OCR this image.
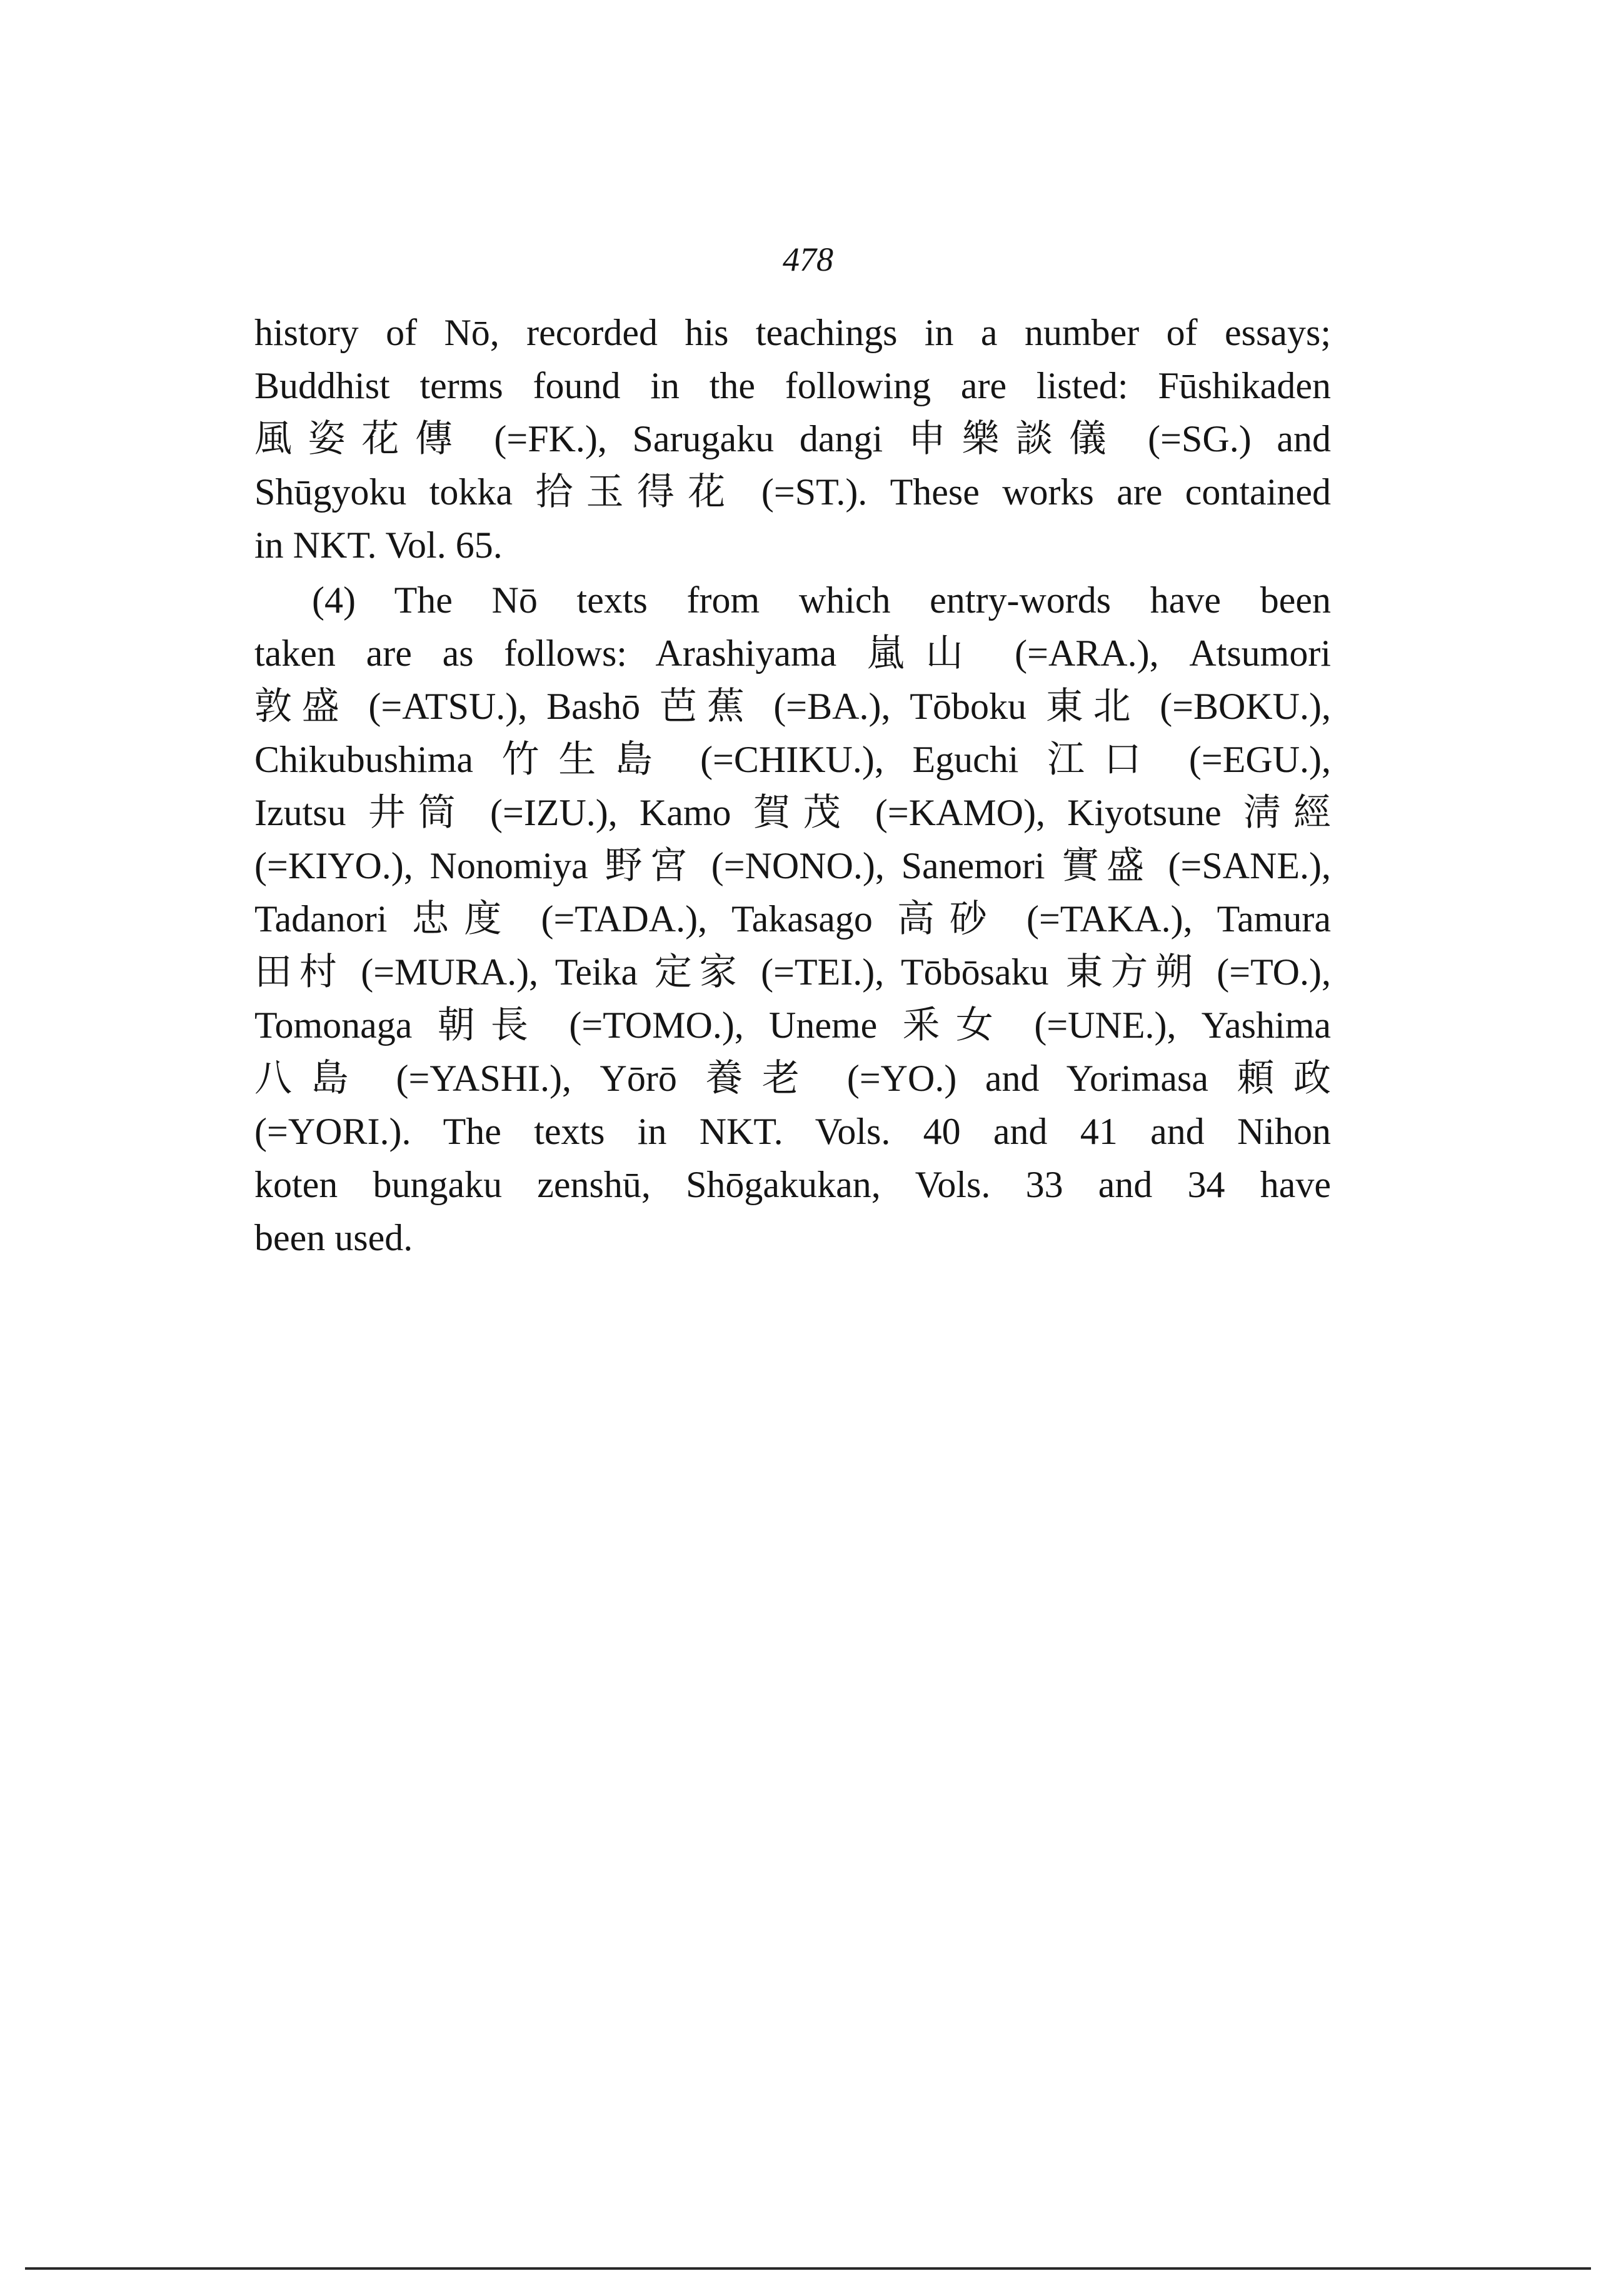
478
history of Nō, recorded his teachings in a number of essays;
Buddhist terms found in the following are listed: Fūshikaden
風姿花傳 (=FK.), Sarugaku dangi 申樂談儀 (=SG.) and
Shūgyoku tokka 拾玉得花 (=ST.). These works are contained
in NKT. Vol. 65.
(4) The Nō texts from which entry-words have been
taken are as follows: Arashiyama 嵐山 (=ARA.), Atsumori
敦盛 (=ATSU.), Bashō 芭蕉 (=BA.), Tōboku 東北 (=BOKU.),
Chikubushima 竹生島 (=CHIKU.), Eguchi 江口 (=EGU.),
Izutsu 井筒 (=IZU.), Kamo 賀茂 (=KAMO), Kiyotsune 淸經
(=KIYO.), Nonomiya 野宮 (=NONO.), Sanemori 實盛 (=SANE.),
Tadanori 忠度 (=TADA.), Takasago 高砂 (=TAKA.), Tamura
田村 (=MURA.), Teika 定家 (=TEI.), Tōbōsaku 東方朔 (=TO.),
Tomonaga 朝長 (=TOMO.), Uneme 釆女 (=UNE.), Yashima
八島 (=YASHI.), Yōrō 養老 (=YO.) and Yorimasa 頼政
(=YORI.). The texts in NKT. Vols. 40 and 41 and Nihon
koten bungaku zenshū, Shōgakukan, Vols. 33 and 34 have
been used.
